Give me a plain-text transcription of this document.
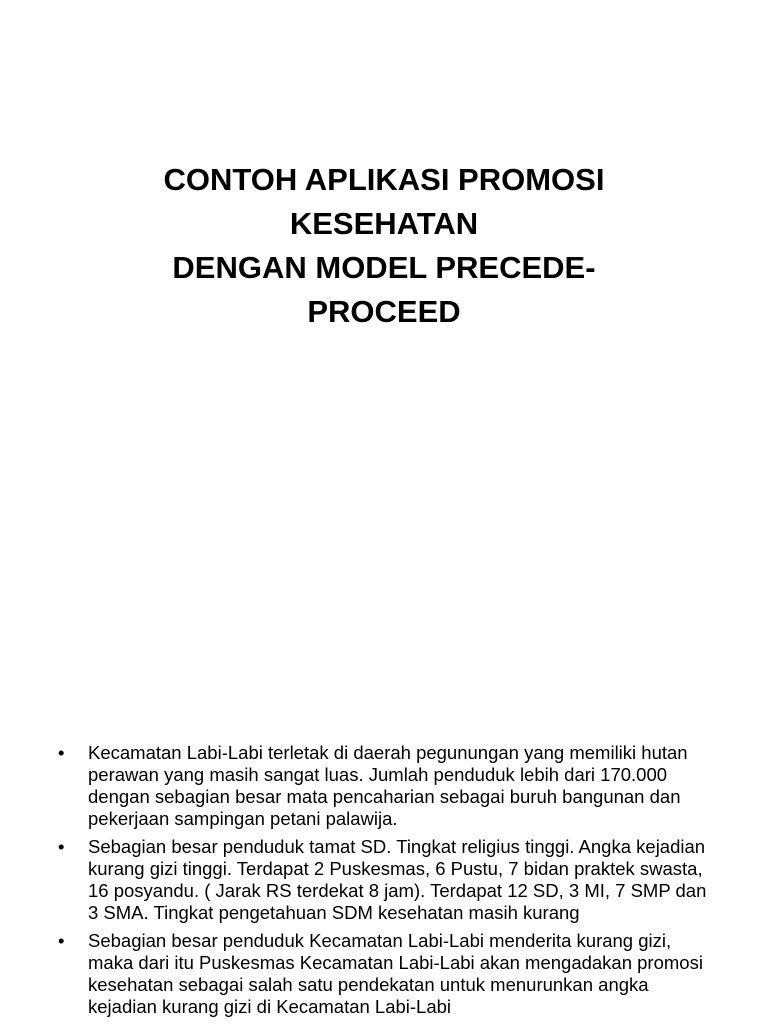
CONTOH APLIKASI PROMOSI
KESEHATAN
DENGAN MODEL PRECEDE-
PROCEED
• Kecamatan Labi-Labi terletak di daerah pegunungan yang memiliki hutan perawan yang masih sangat luas. Jumlah penduduk lebih dari 170.000 dengan sebagian besar mata pencaharian sebagai buruh bangunan dan pekerjaan sampingan petani palawija.
• Sebagian besar penduduk tamat SD. Tingkat religius tinggi. Angka kejadian kurang gizi tinggi. Terdapat 2 Puskesmas, 6 Pustu, 7 bidan praktek swasta, 16 posyandu. ( Jarak RS terdekat 8 jam). Terdapat 12 SD, 3 MI, 7 SMP dan 3 SMA. Tingkat pengetahuan SDM kesehatan masih kurang
• Sebagian besar penduduk Kecamatan Labi-Labi menderita kurang gizi, maka dari itu Puskesmas Kecamatan Labi-Labi akan mengadakan promosi kesehatan sebagai salah satu pendekatan untuk menurunkan angka kejadian kurang gizi di Kecamatan Labi-Labi
